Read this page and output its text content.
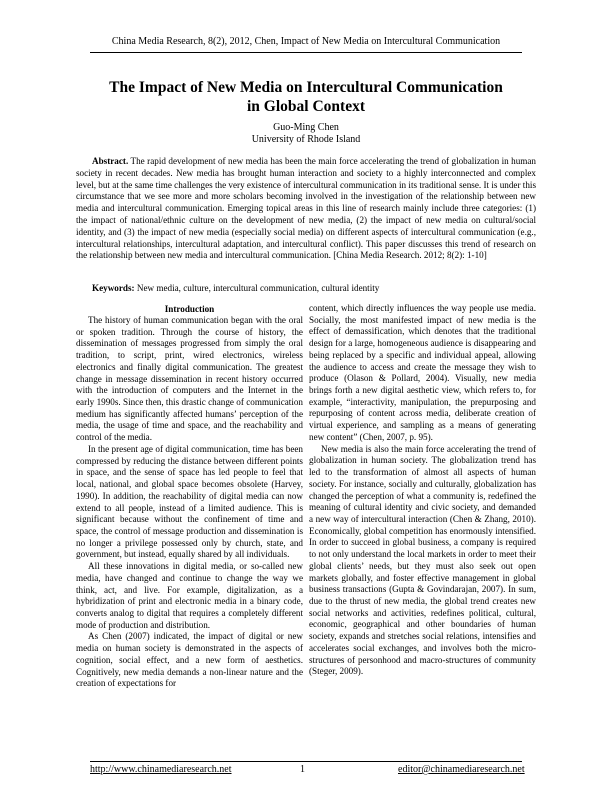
China Media Research, 8(2), 2012, Chen, Impact of New Media on Intercultural Communication
The Impact of New Media on Intercultural Communication
in Global Context
Guo-Ming Chen
University of Rhode Island

Abstract. The rapid development of new media has been the main force accelerating the trend of globalization in human society in recent decades. New media has brought human interaction and society to a highly interconnected and complex level, but at the same time challenges the very existence of intercultural communication in its traditional sense. It is under this circumstance that we see more and more scholars becoming involved in the investigation of the relationship between new media and intercultural communication. Emerging topical areas in this line of research mainly include three categories: (1) the impact of national/ethnic culture on the development of new media, (2) the impact of new media on cultural/social identity, and (3) the impact of new media (especially social media) on different aspects of intercultural communication (e.g., intercultural relationships, intercultural adaptation, and intercultural conflict). This paper discusses this trend of research on the relationship between new media and intercultural communication. [China Media Research. 2012; 8(2): 1-10]

Keywords: New media, culture, intercultural communication, cultural identity

Introduction

The history of human communication began with the oral or spoken tradition. Through the course of history, the dissemination of messages progressed from simply the oral tradition, to script, print, wired electronics, wireless electronics and finally digital communication. The greatest change in message dissemination in recent history occurred with the introduction of computers and the Internet in the early 1990s. Since then, this drastic change of communication medium has significantly affected humans’ perception of the media, the usage of time and space, and the reachability and control of the media.

In the present age of digital communication, time has been compressed by reducing the distance between different points in space, and the sense of space has led people to feel that local, national, and global space becomes obsolete (Harvey, 1990). In addition, the reachability of digital media can now extend to all people, instead of a limited audience. This is significant because without the confinement of time and space, the control of message production and dissemination is no longer a privilege possessed only by church, state, and government, but instead, equally shared by all individuals.

All these innovations in digital media, or so-called new media, have changed and continue to change the way we think, act, and live. For example, digitalization, as a hybridization of print and electronic media in a binary code, converts analog to digital that requires a completely different mode of production and distribution.

As Chen (2007) indicated, the impact of digital or new media on human society is demonstrated in the aspects of cognition, social effect, and a new form of aesthetics. Cognitively, new media demands a non-linear nature and the creation of expectations for

content, which directly influences the way people use media. Socially, the most manifested impact of new media is the effect of demassification, which denotes that the traditional design for a large, homogeneous audience is disappearing and being replaced by a specific and individual appeal, allowing the audience to access and create the message they wish to produce (Olason & Pollard, 2004). Visually, new media brings forth a new digital aesthetic view, which refers to, for example, “interactivity, manipulation, the prepurposing and repurposing of content across media, deliberate creation of virtual experience, and sampling as a means of generating new content” (Chen, 2007, p. 95).

New media is also the main force accelerating the trend of globalization in human society. The globalization trend has led to the transformation of almost all aspects of human society. For instance, socially and culturally, globalization has changed the perception of what a community is, redefined the meaning of cultural identity and civic society, and demanded a new way of intercultural interaction (Chen & Zhang, 2010). Economically, global competition has enormously intensified. In order to succeed in global business, a company is required to not only understand the local markets in order to meet their global clients’ needs, but they must also seek out open markets globally, and foster effective management in global business transactions (Gupta & Govindarajan, 2007). In sum, due to the thrust of new media, the global trend creates new social networks and activities, redefines political, cultural, economic, geographical and other boundaries of human society, expands and stretches social relations, intensifies and accelerates social exchanges, and involves both the micro-structures of personhood and macro-structures of community (Steger, 2009).

http://www.chinamediaresearch.net	1	editor@chinamediaresearch.net
